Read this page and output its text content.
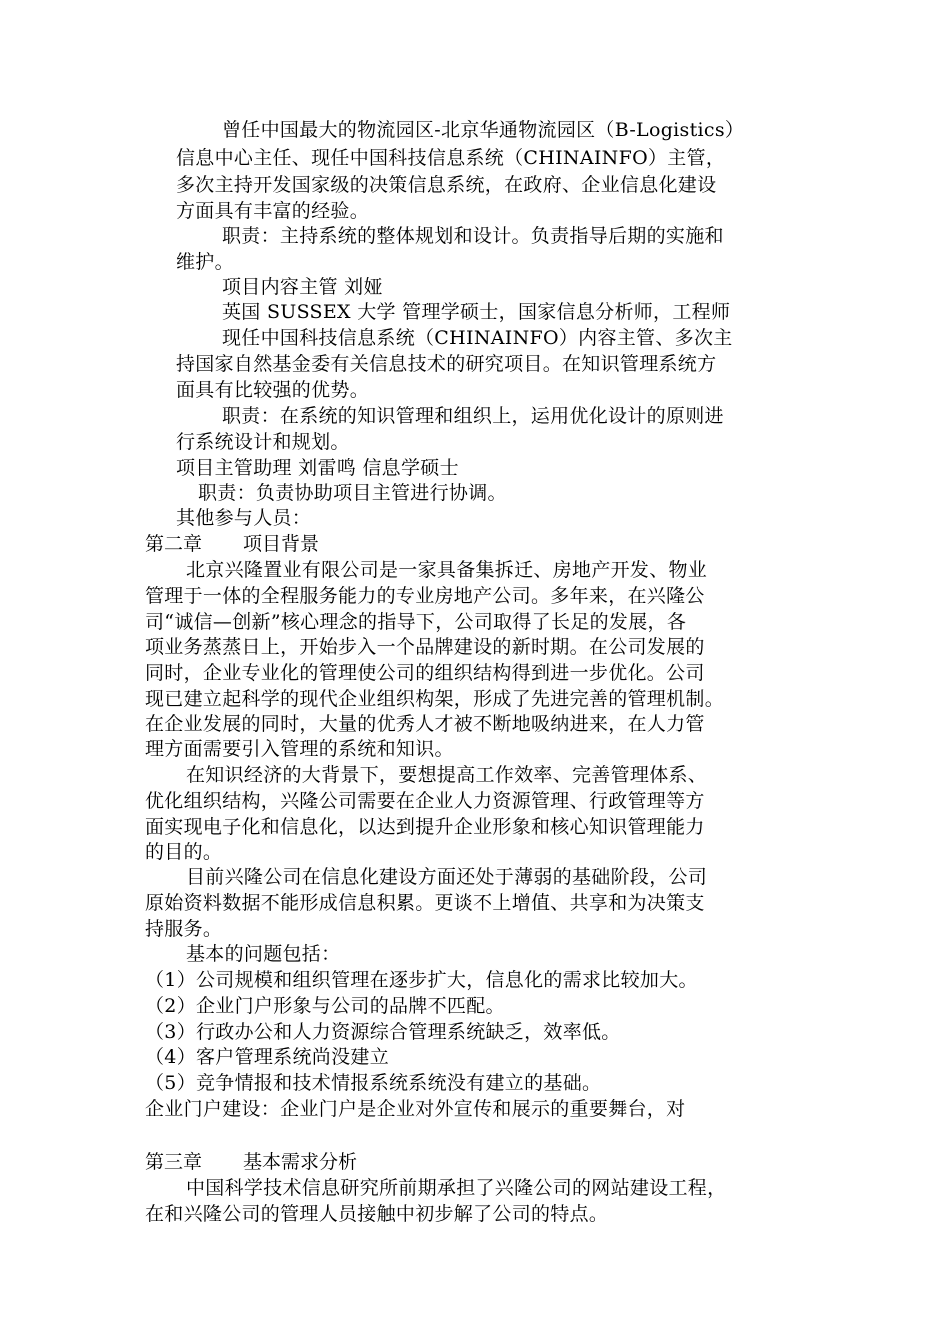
曾任中国最大的物流园区-北京华通物流园区（B-Logistics）
信息中心主任、现任中国科技信息系统（CHINAINFO）主管，
多次主持开发国家级的决策信息系统，在政府、企业信息化建设
方面具有丰富的经验。
职责：主持系统的整体规划和设计。负责指导后期的实施和
维护。
项目内容主管 刘娅
英国 SUSSEX 大学 管理学硕士，国家信息分析师，工程师
现任中国科技信息系统（CHINAINFO）内容主管、多次主
持国家自然基金委有关信息技术的研究项目。在知识管理系统方
面具有比较强的优势。
职责：在系统的知识管理和组织上，运用优化设计的原则进
行系统设计和规划。
项目主管助理 刘雷鸣 信息学硕士
职责：负责协助项目主管进行协调。
其他参与人员：
第二章 项目背景
北京兴隆置业有限公司是一家具备集拆迁、房地产开发、物业
管理于一体的全程服务能力的专业房地产公司。多年来，在兴隆公
司“诚信—创新”核心理念的指导下，公司取得了长足的发展，各
项业务蒸蒸日上，开始步入一个品牌建设的新时期。在公司发展的
同时，企业专业化的管理使公司的组织结构得到进一步优化。公司
现已建立起科学的现代企业组织构架，形成了先进完善的管理机制。
在企业发展的同时，大量的优秀人才被不断地吸纳进来，在人力管
理方面需要引入管理的系统和知识。
在知识经济的大背景下，要想提高工作效率、完善管理体系、
优化组织结构，兴隆公司需要在企业人力资源管理、行政管理等方
面实现电子化和信息化，以达到提升企业形象和核心知识管理能力
的目的。
目前兴隆公司在信息化建设方面还处于薄弱的基础阶段，公司
原始资料数据不能形成信息积累。更谈不上增值、共享和为决策支
持服务。
基本的问题包括：
（1）公司规模和组织管理在逐步扩大，信息化的需求比较加大。
（2）企业门户形象与公司的品牌不匹配。
（3）行政办公和人力资源综合管理系统缺乏，效率低。
（4）客户管理系统尚没建立
（5）竞争情报和技术情报系统系统没有建立的基础。
企业门户建设：企业门户是企业对外宣传和展示的重要舞台，对
第三章 基本需求分析
中国科学技术信息研究所前期承担了兴隆公司的网站建设工程，
在和兴隆公司的管理人员接触中初步解了公司的特点。
